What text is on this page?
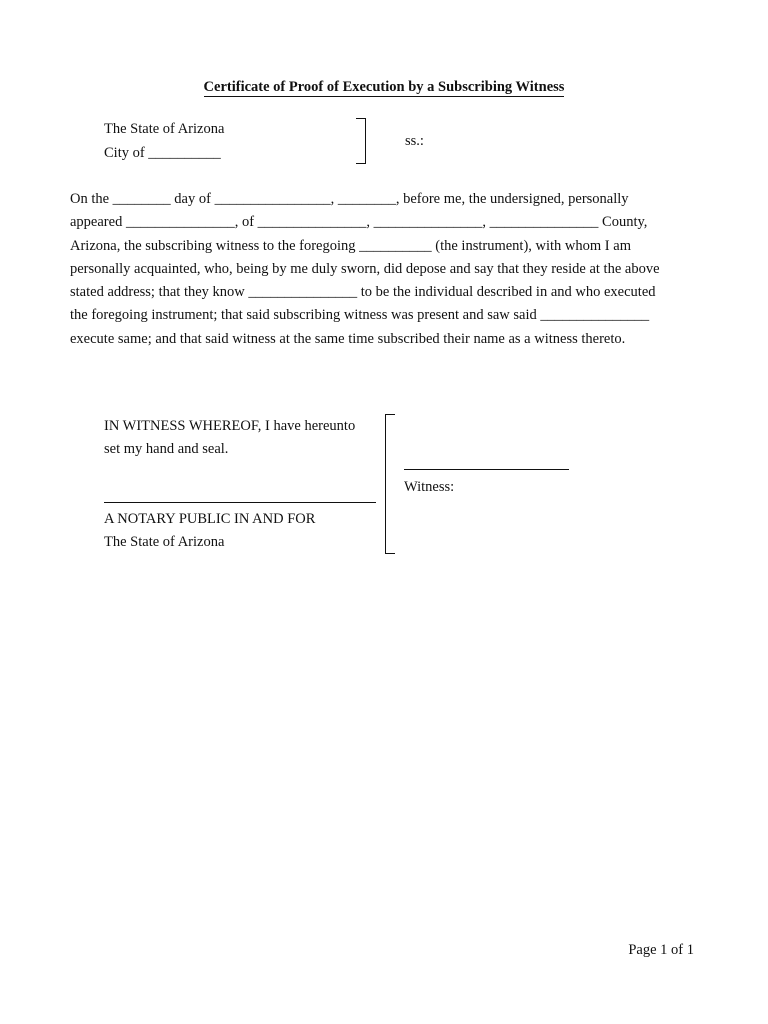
Certificate of Proof of Execution by a Subscribing Witness
The State of Arizona
City of __________
ss.:
On the ________ day of ________________, ________, before me, the undersigned, personally
appeared _______________, of _______________, _______________, _______________ County,
Arizona, the subscribing witness to the foregoing __________ (the instrument), with whom I am
personally acquainted, who, being by me duly sworn, did depose and say that they reside at the above
stated address; that they know _______________ to be the individual described in and who executed
the foregoing instrument; that said subscribing witness was present and saw said _______________
execute same; and that said witness at the same time subscribed their name as a witness thereto.
IN WITNESS WHEREOF, I have hereunto
set my hand and seal.
A NOTARY PUBLIC IN AND FOR
The State of Arizona
Witness:
Page 1 of 1
